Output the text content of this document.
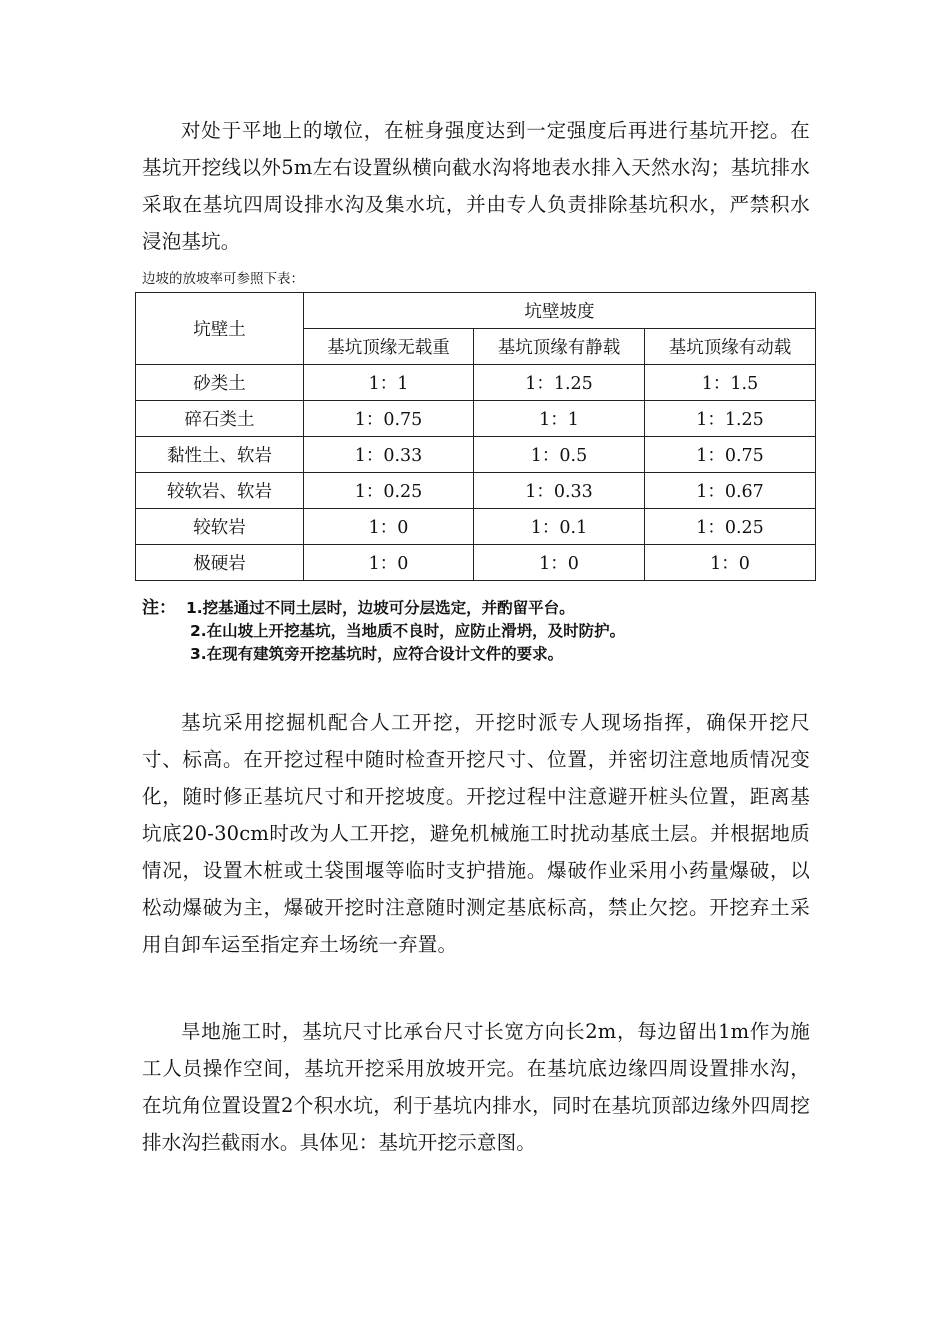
对处于平地上的墩位，在桩身强度达到一定强度后再进行基坑开挖。在基坑开挖线以外5m左右设置纵横向截水沟将地表水排入天然水沟；基坑排水采取在基坑四周设排水沟及集水坑，并由专人负责排除基坑积水，严禁积水浸泡基坑。

边坡的放坡率可参照下表：

坑壁土	坑壁坡度		
	基坑顶缘无载重	基坑顶缘有静载	基坑顶缘有动载
砂类土	1：1	1：1.25	1：1.5
碎石类土	1：0.75	1：1	1：1.25
黏性土、软岩	1：0.33	1：0.5	1：0.75
较软岩、软岩	1：0.25	1：0.33	1：0.67
较软岩	1：0	1：0.1	1：0.25
极硬岩	1：0	1：0	1：0
注： 1.挖基通过不同土层时，边坡可分层选定，并酌留平台。
2.在山坡上开挖基坑，当地质不良时，应防止滑坍，及时防护。
3.在现有建筑旁开挖基坑时，应符合设计文件的要求。

基坑采用挖掘机配合人工开挖，开挖时派专人现场指挥，确保开挖尺寸、标高。在开挖过程中随时检查开挖尺寸、位置，并密切注意地质情况变化，随时修正基坑尺寸和开挖坡度。开挖过程中注意避开桩头位置，距离基坑底20-30cm时改为人工开挖，避免机械施工时扰动基底土层。并根据地质情况，设置木桩或土袋围堰等临时支护措施。爆破作业采用小药量爆破，以松动爆破为主，爆破开挖时注意随时测定基底标高，禁止欠挖。开挖弃土采用自卸车运至指定弃土场统一弃置。

旱地施工时，基坑尺寸比承台尺寸长宽方向长2m，每边留出1m作为施工人员操作空间，基坑开挖采用放坡开完。在基坑底边缘四周设置排水沟，在坑角位置设置2个积水坑，利于基坑内排水，同时在基坑顶部边缘外四周挖排水沟拦截雨水。具体见：基坑开挖示意图。
